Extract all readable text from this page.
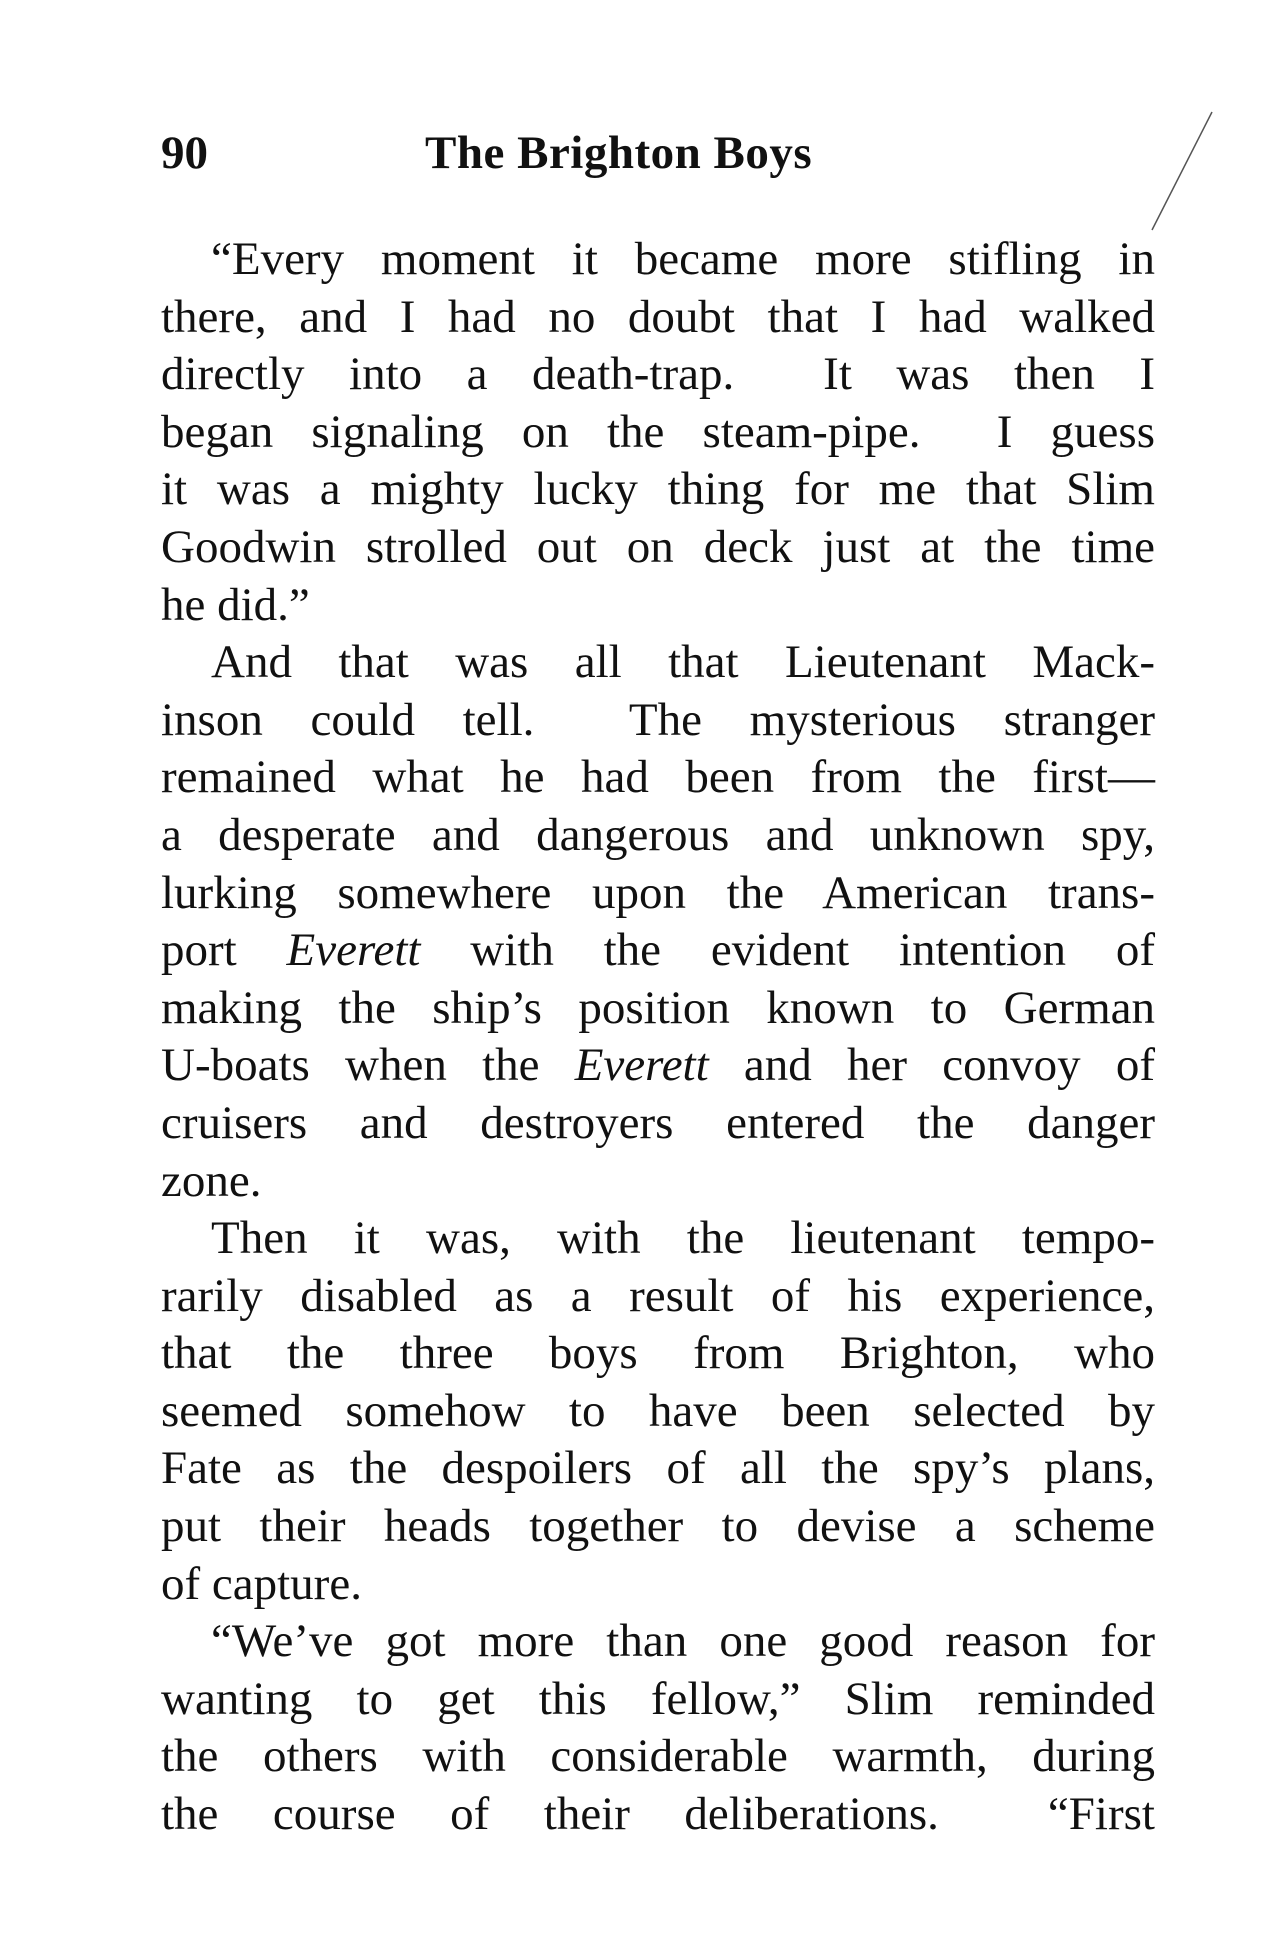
90	The Brighton Boys
“Every moment it became more stifling in
there, and I had no doubt that I had walked
directly into a death-trap.  It was then I
began signaling on the steam-pipe.  I guess
it was a mighty lucky thing for me that Slim
Goodwin strolled out on deck just at the time
he did.”
And that was all that Lieutenant Mack-
inson could tell.  The mysterious stranger
remained what he had been from the first—
a desperate and dangerous and unknown spy,
lurking somewhere upon the American trans-
port Everett with the evident intention of
making the ship’s position known to German
U-boats when the Everett and her convoy of
cruisers and destroyers entered the danger
zone.
Then it was, with the lieutenant tempo-
rarily disabled as a result of his experience,
that the three boys from Brighton, who
seemed somehow to have been selected by
Fate as the despoilers of all the spy’s plans,
put their heads together to devise a scheme
of capture.
“We’ve got more than one good reason for
wanting to get this fellow,” Slim reminded
the others with considerable warmth, during
the course of their deliberations.  “First
